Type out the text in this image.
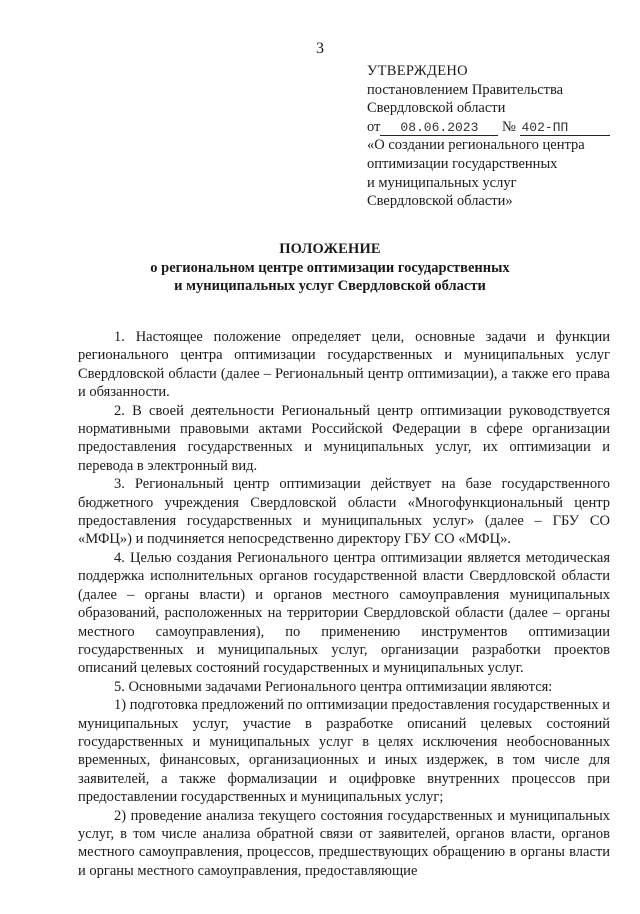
3
УТВЕРЖДЕНО
постановлением Правительства
Свердловской области
от 08.06.2023 № 402-ПП
«О создании регионального центра
оптимизации государственных
и муниципальных услуг
Свердловской области»
ПОЛОЖЕНИЕ
о региональном центре оптимизации государственных
и муниципальных услуг Свердловской области

1. Настоящее положение определяет цели, основные задачи и функции регионального центра оптимизации государственных и муниципальных услуг Свердловской области (далее – Региональный центр оптимизации), а также его права и обязанности.

2. В своей деятельности Региональный центр оптимизации руководствуется нормативными правовыми актами Российской Федерации в сфере организации предоставления государственных и муниципальных услуг, их оптимизации и перевода в электронный вид.

3. Региональный центр оптимизации действует на базе государственного бюджетного учреждения Свердловской области «Многофункциональный центр предоставления государственных и муниципальных услуг» (далее – ГБУ СО «МФЦ») и подчиняется непосредственно директору ГБУ СО «МФЦ».

4. Целью создания Регионального центра оптимизации является методическая поддержка исполнительных органов государственной власти Свердловской области (далее – органы власти) и органов местного самоуправления муниципальных образований, расположенных на территории Свердловской области (далее – органы местного самоуправления), по применению инструментов оптимизации государственных и муниципальных услуг, организации разработки проектов описаний целевых состояний государственных и муниципальных услуг.

5. Основными задачами Регионального центра оптимизации являются:

1) подготовка предложений по оптимизации предоставления государственных и муниципальных услуг, участие в разработке описаний целевых состояний государственных и муниципальных услуг в целях исключения необоснованных временных, финансовых, организационных и иных издержек, в том числе для заявителей, а также формализации и оцифровке внутренних процессов при предоставлении государственных и муниципальных услуг;

2) проведение анализа текущего состояния государственных и муниципальных услуг, в том числе анализа обратной связи от заявителей, органов власти, органов местного самоуправления, процессов, предшествующих обращению в органы власти и органы местного самоуправления, предоставляющие
